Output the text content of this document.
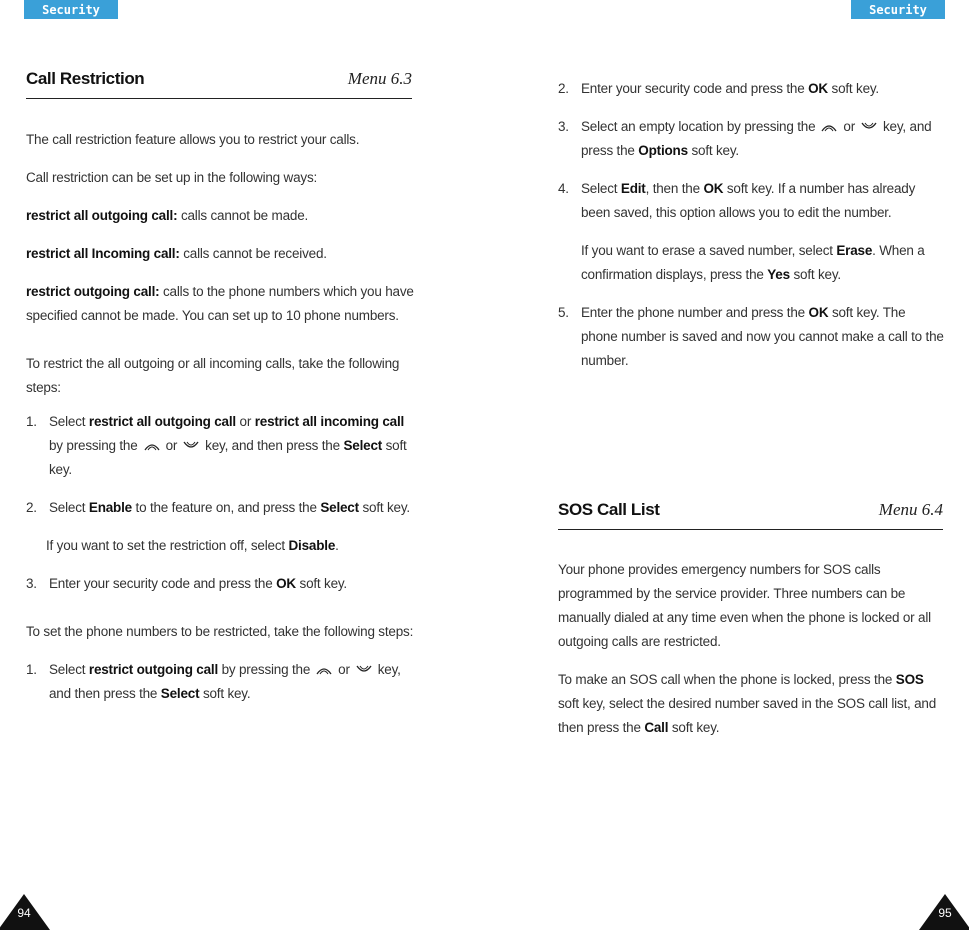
Security	Security
Call Restriction	Menu 6.3

The call restriction feature allows you to restrict your calls.

Call restriction can be set up in the following ways:

restrict all outgoing call: calls cannot be made.

restrict all Incoming call: calls cannot be received.

restrict outgoing call: calls to the phone numbers which you have specified cannot be made. You can set up to 10 phone numbers.

To restrict the all outgoing or all incoming calls, take the following steps:

1. Select restrict all outgoing call or restrict all incoming call by pressing the or key, and then press the Select soft key.
2. Select Enable to the feature on, and press the Select soft key.

If you want to set the restriction off, select Disable.

3. Enter your security code and press the OK soft key.

To set the phone numbers to be restricted, take the following steps:

1. Select restrict outgoing call by pressing the or key, and then press the Select soft key.
2. Enter your security code and press the OK soft key.
3. Select an empty location by pressing the or key, and press the Options soft key.
4. Select Edit, then the OK soft key. If a number has already been saved, this option allows you to edit the number.

If you want to erase a saved number, select Erase. When a confirmation displays, press the Yes soft key.

5. Enter the phone number and press the OK soft key. The phone number is saved and now you cannot make a call to the number.
SOS Call List	Menu 6.4

Your phone provides emergency numbers for SOS calls programmed by the service provider. Three numbers can be manually dialed at any time even when the phone is locked or all outgoing calls are restricted.

To make an SOS call when the phone is locked, press the SOS soft key, select the desired number saved in the SOS call list, and then press the Call soft key.

94	95
